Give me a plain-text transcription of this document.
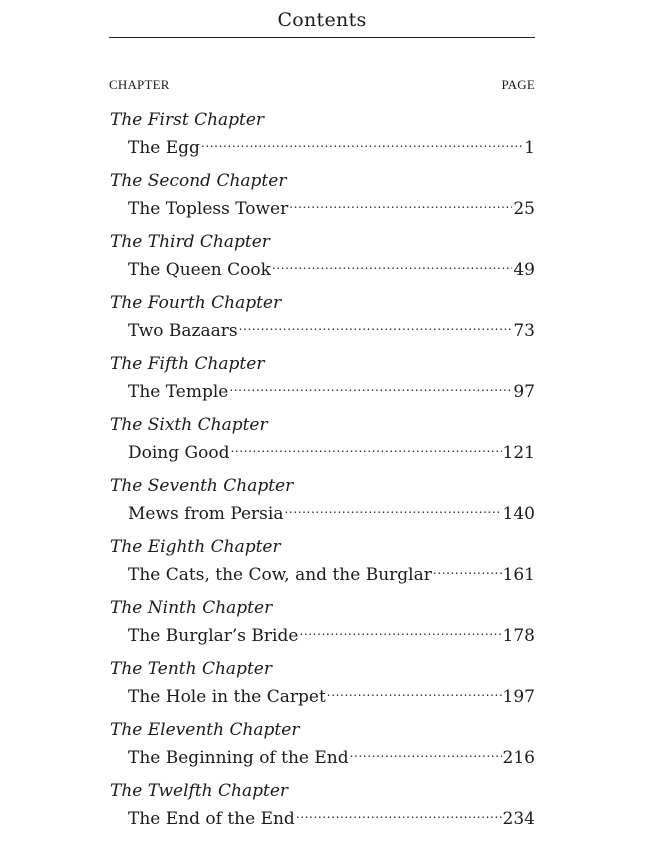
Contents
CHAPTER	PAGE
The First Chapter
The Egg .....	1
The Second Chapter
The Topless Tower .....	25
The Third Chapter
The Queen Cook .....	49
The Fourth Chapter
Two Bazaars .....	73
The Fifth Chapter
The Temple .....	97
The Sixth Chapter
Doing Good .....	121
The Seventh Chapter
Mews from Persia .....	140
The Eighth Chapter
The Cats, the Cow, and the Burglar .....	161
The Ninth Chapter
The Burglar’s Bride .....	178
The Tenth Chapter
The Hole in the Carpet .....	197
The Eleventh Chapter
The Beginning of the End .....	216
The Twelfth Chapter
The End of the End .....	234
